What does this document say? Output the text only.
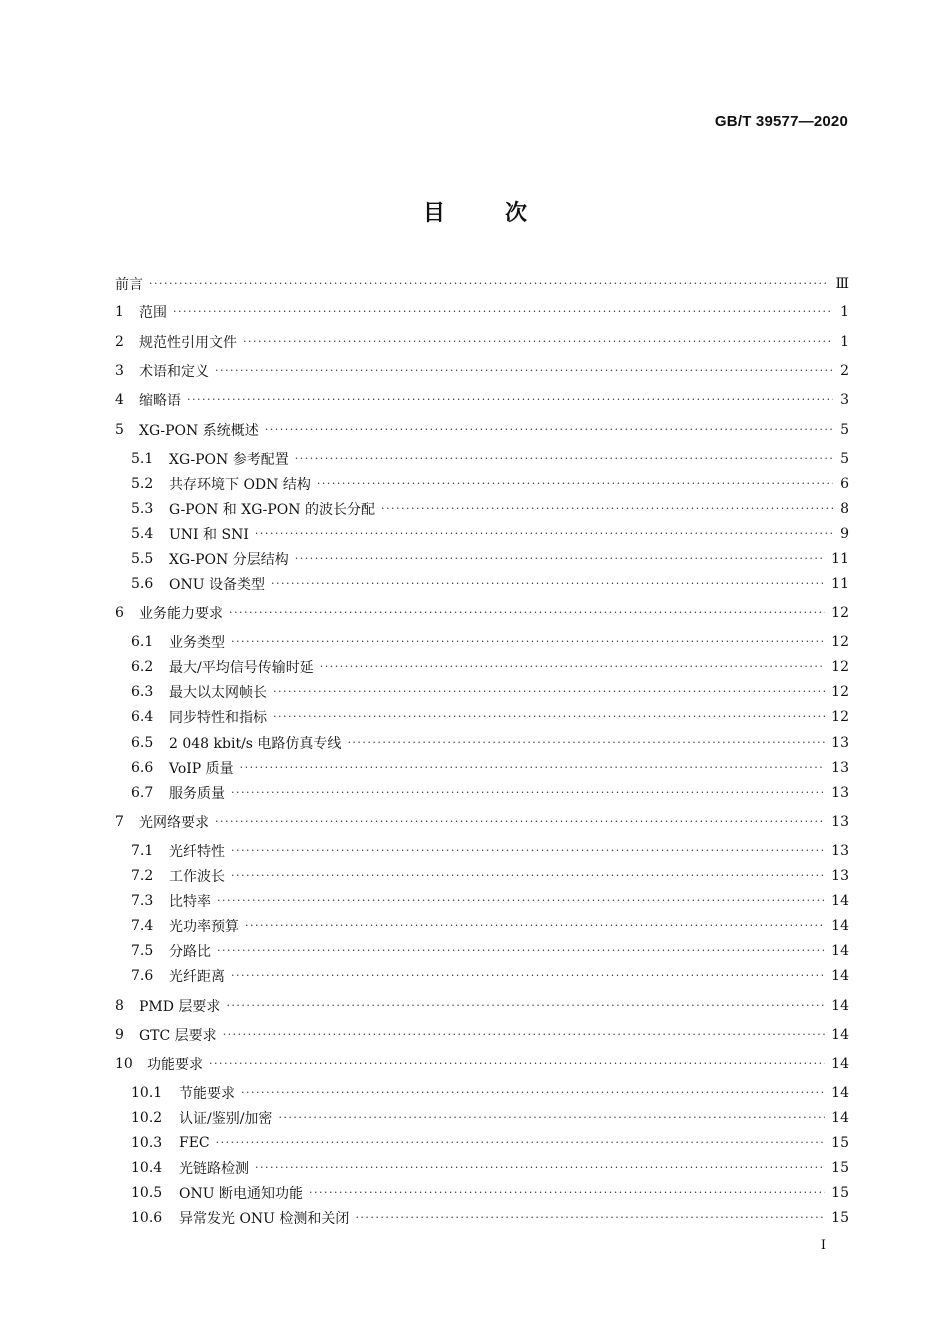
GB/T 39577—2020
目	次
前言 ·····	Ⅲ
1	范围 ·····	1
2	规范性引用文件 ·····	1
3	术语和定义 ·····	2
4	缩略语 ·····	3
5	XG-PON 系统概述 ·····	5
5.1	XG-PON 参考配置 ·····	5
5.2	共存环境下 ODN 结构 ·····	6
5.3	G-PON 和 XG-PON 的波长分配 ·····	8
5.4	UNI 和 SNI ·····	9
5.5	XG-PON 分层结构 ·····	11
5.6	ONU 设备类型 ·····	11
6	业务能力要求 ·····	12
6.1	业务类型 ·····	12
6.2	最大/平均信号传输时延 ·····	12
6.3	最大以太网帧长 ·····	12
6.4	同步特性和指标 ·····	12
6.5	2 048 kbit/s 电路仿真专线 ·····	13
6.6	VoIP 质量 ·····	13
6.7	服务质量 ·····	13
7	光网络要求 ·····	13
7.1	光纤特性 ·····	13
7.2	工作波长 ·····	13
7.3	比特率 ·····	14
7.4	光功率预算 ·····	14
7.5	分路比 ·····	14
7.6	光纤距离 ·····	14
8	PMD 层要求 ·····	14
9	GTC 层要求 ·····	14
10	功能要求 ·····	14
10.1	节能要求 ·····	14
10.2	认证/鉴别/加密 ·····	14
10.3	FEC ·····	15
10.4	光链路检测 ·····	15
10.5	ONU 断电通知功能 ·····	15
10.6	异常发光 ONU 检测和关闭 ·····	15
I
